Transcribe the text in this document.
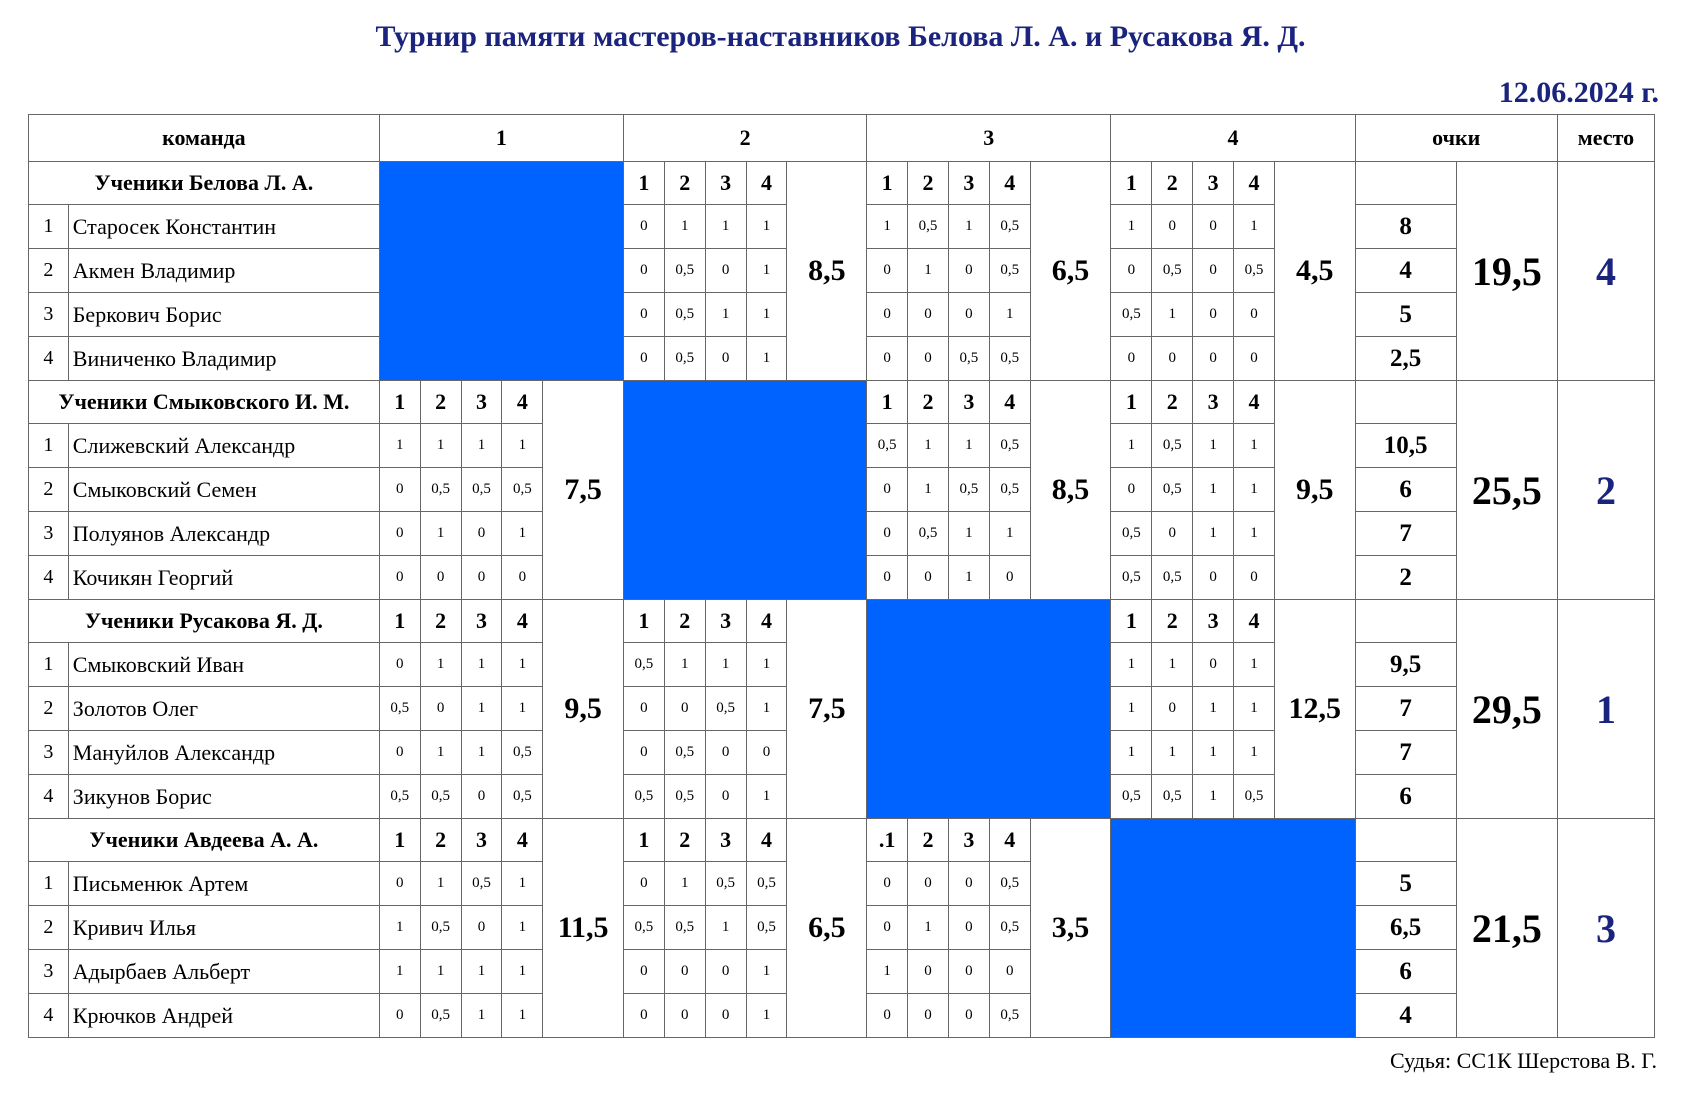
Турнир памяти мастеров-наставников Белова Л. А. и Русакова Я. Д.
12.06.2024 г.
команда		1					2					3					4					очки		место
Ученики Белова Л. А.							1	2	3	4	8,5	1	2	3	4	6,5	1	2	3	4	4,5		19,5	4
1	Старосек Константин						0	1	1	1		1	0,5	1	0,5		1	0	0	1		8		
2	Акмен Владимир						0	0,5	0	1		0	1	0	0,5		0	0,5	0	0,5		4		
3	Беркович Борис						0	0,5	1	1		0	0	0	1		0,5	1	0	0		5		
4	Виниченко Владимир						0	0,5	0	1		0	0	0,5	0,5		0	0	0	0		2,5		
Ученики Смыковского И. М.		1	2	3	4	7,5						1	2	3	4	8,5	1	2	3	4	9,5		25,5	2
1	Слижевский Александр	1	1	1	1							0,5	1	1	0,5		1	0,5	1	1		10,5		
2	Смыковский Семен	0	0,5	0,5	0,5							0	1	0,5	0,5		0	0,5	1	1		6		
3	Полуянов Александр	0	1	0	1							0	0,5	1	1		0,5	0	1	1		7		
4	Кочикян Георгий	0	0	0	0							0	0	1	0		0,5	0,5	0	0		2		
Ученики Русакова Я. Д.		1	2	3	4	9,5	1	2	3	4	7,5						1	2	3	4	12,5		29,5	1
1	Смыковский Иван	0	1	1	1		0,5	1	1	1							1	1	0	1		9,5		
2	Золотов Олег	0,5	0	1	1		0	0	0,5	1							1	0	1	1		7		
3	Мануйлов Александр	0	1	1	0,5		0	0,5	0	0							1	1	1	1		7		
4	Зикунов Борис	0,5	0,5	0	0,5		0,5	0,5	0	1							0,5	0,5	1	0,5		6		
Ученики Авдеева А. А.		1	2	3	4	11,5	1	2	3	4	6,5	.1	2	3	4	3,5							21,5	3
1	Письменюк Артем	0	1	0,5	1		0	1	0,5	0,5		0	0	0	0,5							5		
2	Кривич Илья	1	0,5	0	1		0,5	0,5	1	0,5		0	1	0	0,5							6,5		
3	Адырбаев Альберт	1	1	1	1		0	0	0	1		1	0	0	0							6		
4	Крючков Андрей	0	0,5	1	1		0	0	0	1		0	0	0	0,5							4		
Судья: СС1К Шерстова В. Г.
